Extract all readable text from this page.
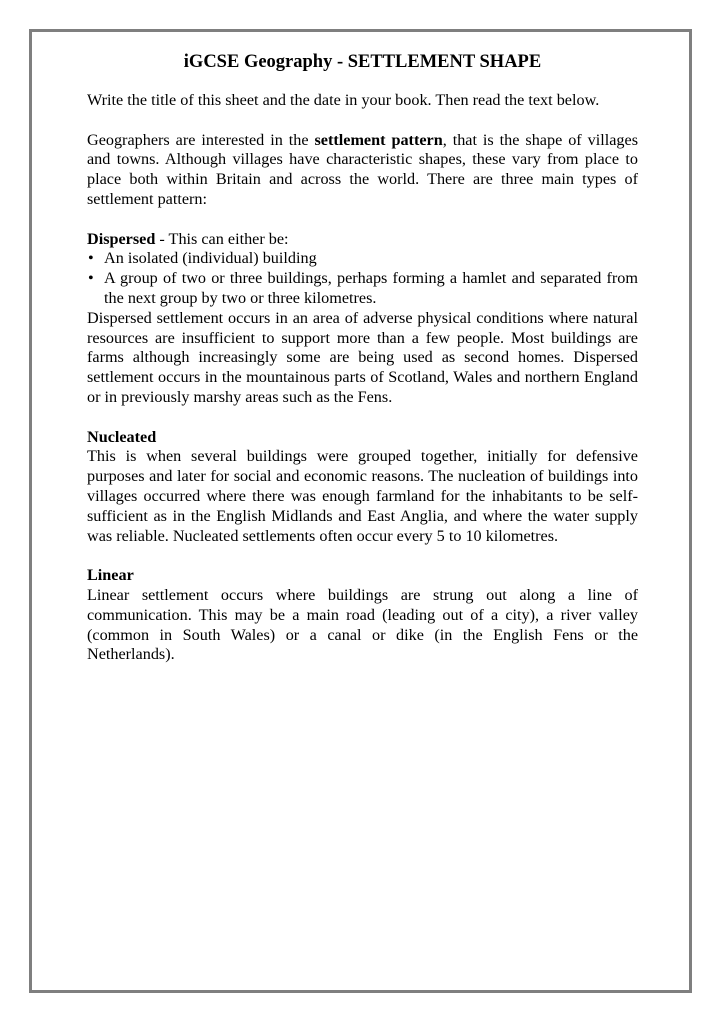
iGCSE Geography - SETTLEMENT SHAPE

Write the title of this sheet and the date in your book. Then read the text below.

Geographers are interested in the settlement pattern, that is the shape of villages and towns. Although villages have characteristic shapes, these vary from place to place both within Britain and across the world. There are three main types of settlement pattern:

Dispersed - This can either be:

• An isolated (individual) building
• A group of two or three buildings, perhaps forming a hamlet and separated from the next group by two or three kilometres.

Dispersed settlement occurs in an area of adverse physical conditions where natural resources are insufficient to support more than a few people. Most buildings are farms although increasingly some are being used as second homes. Dispersed settlement occurs in the mountainous parts of Scotland, Wales and northern England or in previously marshy areas such as the Fens.

Nucleated

This is when several buildings were grouped together, initially for defensive purposes and later for social and economic reasons. The nucleation of buildings into villages occurred where there was enough farmland for the inhabitants to be self-sufficient as in the English Midlands and East Anglia, and where the water supply was reliable. Nucleated settlements often occur every 5 to 10 kilometres.

Linear

Linear settlement occurs where buildings are strung out along a line of communication. This may be a main road (leading out of a city), a river valley (common in South Wales) or a canal or dike (in the English Fens or the Netherlands).
